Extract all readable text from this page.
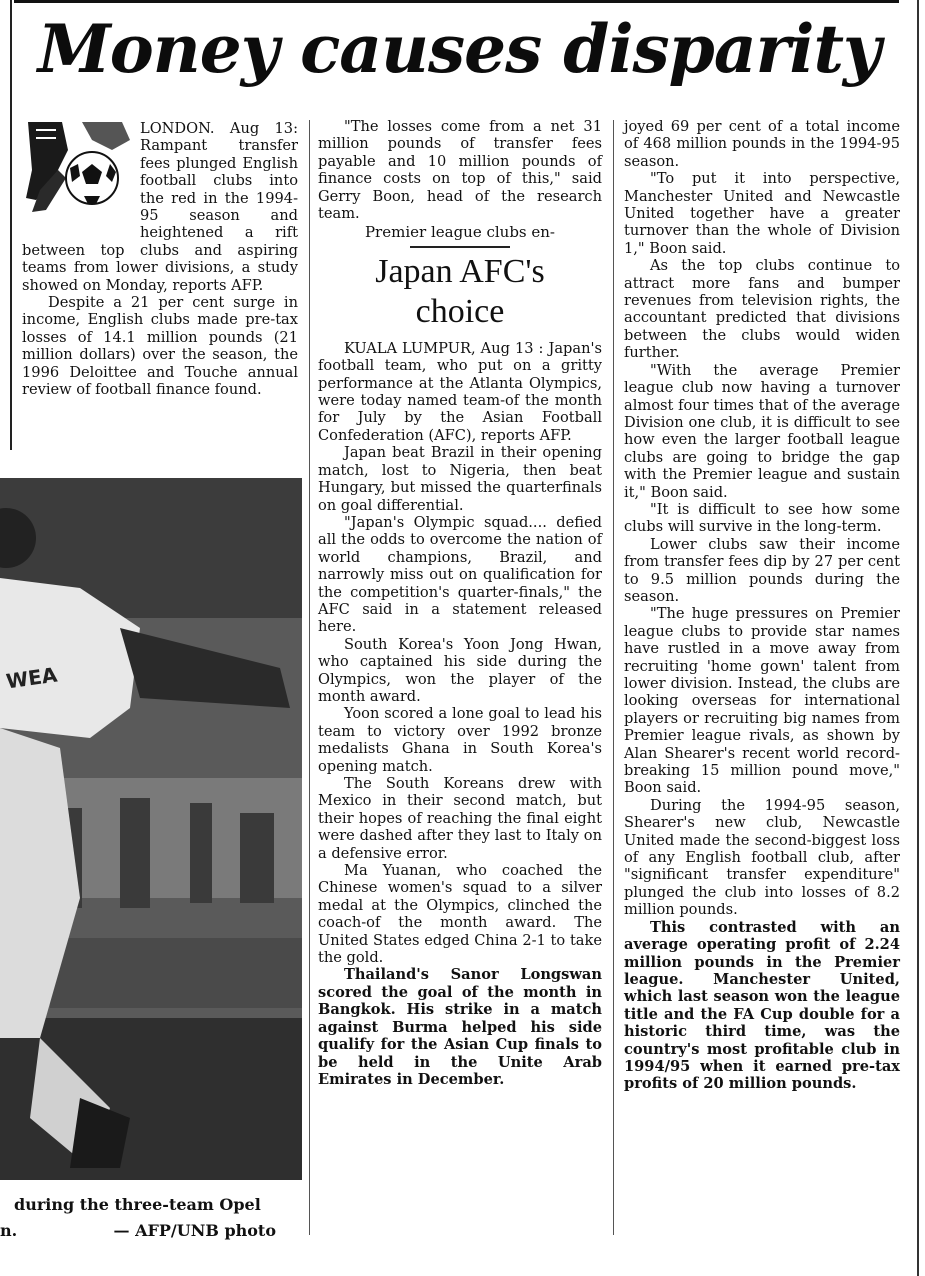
Money causes disparity

LONDON. Aug 13: Rampant transfer fees plunged English football clubs into the red in the 1994-95 season and heightened a rift between top clubs and aspiring teams from lower divisions, a study showed on Monday, reports AFP.

Despite a 21 per cent surge in income, English clubs made pre-tax losses of 14.1 million pounds (21 million dollars) over the season, the 1996 Deloittee and Touche annual review of football finance found.

WEA
during the three-team Opel
n.	— AFP/UNB photo

"The losses come from a net 31 million pounds of transfer fees payable and 10 million pounds of finance costs on top of this," said Gerry Boon, head of the research team.

Premier league clubs en-

Japan AFC's
choice

KUALA LUMPUR, Aug 13 : Japan's football team, who put on a gritty performance at the Atlanta Olympics, were today named team-of the month for July by the Asian Football Confederation (AFC), reports AFP.

Japan beat Brazil in their opening match, lost to Nigeria, then beat Hungary, but missed the quarterfinals on goal differential.

"Japan's Olympic squad.... defied all the odds to overcome the nation of world champions, Brazil, and narrowly miss out on qualification for the competition's quarter-finals," the AFC said in a statement released here.

South Korea's Yoon Jong Hwan, who captained his side during the Olympics, won the player of the month award.

Yoon scored a lone goal to lead his team to victory over 1992 bronze medalists Ghana in South Korea's opening match.

The South Koreans drew with Mexico in their second match, but their hopes of reaching the final eight were dashed after they last to Italy on a defensive error.

Ma Yuanan, who coached the Chinese women's squad to a silver medal at the Olympics, clinched the coach-of the month award. The United States edged China 2-1 to take the gold.

Thailand's Sanor Longswan scored the goal of the month in Bangkok. His strike in a match against Burma helped his side qualify for the Asian Cup finals to be held in the Unite Arab Emirates in December.

joyed 69 per cent of a total income of 468 million pounds in the 1994-95 season.

"To put it into perspective, Manchester United and Newcastle United together have a greater turnover than the whole of Division 1," Boon said.

As the top clubs continue to attract more fans and bumper revenues from television rights, the accountant predicted that divisions between the clubs would widen further.

"With the average Premier league club now having a turnover almost four times that of the average Division one club, it is difficult to see how even the larger football league clubs are going to bridge the gap with the Premier league and sustain it," Boon said.

"It is difficult to see how some clubs will survive in the long-term.

Lower clubs saw their income from transfer fees dip by 27 per cent to 9.5 million pounds during the season.

"The huge pressures on Premier league clubs to provide star names have rustled in a move away from recruiting 'home gown' talent from lower division. Instead, the clubs are looking overseas for international players or recruiting big names from Premier league rivals, as shown by Alan Shearer's recent world record-breaking 15 million pound move," Boon said.

During the 1994-95 season, Shearer's new club, Newcastle United made the second-biggest loss of any English football club, after "significant transfer expenditure" plunged the club into losses of 8.2 million pounds.

This contrasted with an average operating profit of 2.24 million pounds in the Premier league. Manchester United, which last season won the league title and the FA Cup double for a historic third time, was the country's most profitable club in 1994/95 when it earned pre-tax profits of 20 million pounds.
